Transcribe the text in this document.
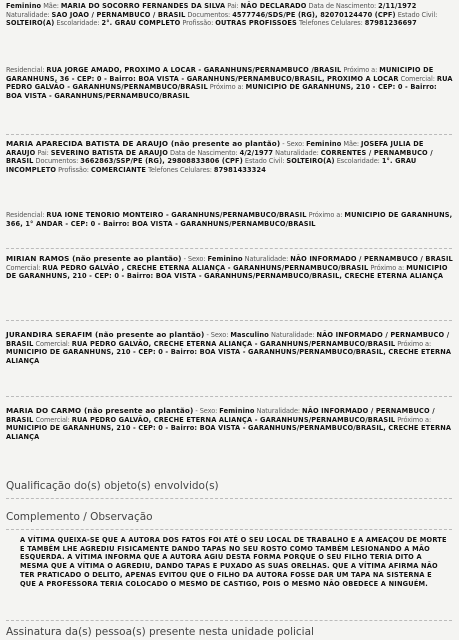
Feminino Mãe: MARIA DO SOCORRO FERNANDES DA SILVA Pai: NÃO DECLARADO Data de Nascimento: 2/11/1972 Naturalidade: SAO JOAO / PERNAMBUCO / BRASIL Documentos: 4577746/SDS/PE (RG), 82070124470 (CPF) Estado Civil: SOLTEIRO(A) Escolaridade: 2°. GRAU COMPLETO Profissão: OUTRAS PROFISSOES Telefones Celulares: 87981236697
Residencial: RUA JORGE AMADO, PROXIMO A LOCAR - GARANHUNS/PERNAMBUCO /BRASIL Próximo a: MUNICIPIO DE GARANHUNS, 36 - CEP: 0 - Bairro: BOA VISTA - GARANHUNS/PERNAMBUCO/BRASIL, PROXIMO A LOCAR Comercial: RUA PEDRO GALVÃO - GARANHUNS/PERNAMBUCO/BRASIL Próximo a: MUNICIPIO DE GARANHUNS, 210 - CEP: 0 - Bairro: BOA VISTA - GARANHUNS/PERNAMBUCO/BRASIL
MARIA APARECIDA BATISTA DE ARAUJO (não presente ao plantão) - Sexo: Feminino Mãe: JOSEFA JULIA DE ARAUJO Pai: SEVERINO BATISTA DE ARAUJO Data de Nascimento: 4/2/1977 Naturalidade: CORRENTES / PERNAMBUCO / BRASIL Documentos: 3662863/SSP/PE (RG), 29808833806 (CPF) Estado Civil: SOLTEIRO(A) Escolaridade: 1°. GRAU INCOMPLETO Profissão: COMERCIANTE Telefones Celulares: 87981433324
Residencial: RUA IONE TENORIO MONTEIRO - GARANHUNS/PERNAMBUCO/BRASIL Próximo a: MUNICIPIO DE GARANHUNS, 366, 1° ANDAR - CEP: 0 - Bairro: BOA VISTA - GARANHUNS/PERNAMBUCO/BRASIL
MIRIAN RAMOS (não presente ao plantão) - Sexo: Feminino Naturalidade: NÃO INFORMADO / PERNAMBUCO / BRASIL Comercial: RUA PEDRO GALVÃO , CRECHE ETERNA ALIANÇA - GARANHUNS/PERNAMBUCO/BRASIL Próximo a: MUNICIPIO DE GARANHUNS, 210 - CEP: 0 - Bairro: BOA VISTA - GARANHUNS/PERNAMBUCO/BRASIL, CRECHE ETERNA ALIANÇA
JURANDIRA SERAFIM (não presente ao plantão) - Sexo: Masculino Naturalidade: NÃO INFORMADO / PERNAMBUCO / BRASIL Comercial: RUA PEDRO GALVÃO, CRECHE ETERNA ALIANÇA - GARANHUNS/PERNAMBUCO/BRASIL Próximo a: MUNICIPIO DE GARANHUNS, 210 - CEP: 0 - Bairro: BOA VISTA - GARANHUNS/PERNAMBUCO/BRASIL, CRECHE ETERNA ALIANÇA
MARIA DO CARMO (não presente ao plantão) - Sexo: Feminino Naturalidade: NÃO INFORMADO / PERNAMBUCO / BRASIL Comercial: RUA PEDRO GALVÃO, CRECHE ETERNA ALIANÇA - GARANHUNS/PERNAMBUCO/BRASIL Próximo a: MUNICIPIO DE GARANHUNS, 210 - CEP: 0 - Bairro: BOA VISTA - GARANHUNS/PERNAMBUCO/BRASIL, CRECHE ETERNA ALIANÇA
Qualificação do(s) objeto(s) envolvido(s)
Complemento / Observação
A VÍTIMA QUEIXA-SE QUE A AUTORA DOS FATOS FOI ATÉ O SEU LOCAL DE TRABALHO E A AMEAÇOU DE MORTE E TAMBÉM LHE AGREDIU FISICAMENTE DANDO TAPAS NO SEU ROSTO COMO TAMBÉM LESIONANDO A MÃO ESQUERDA. A VÍTIMA INFORMA QUE A AUTORA AGIU DESTA FORMA PORQUE O SEU FILHO TERIA DITO A MESMA QUE A VÍTIMA O AGREDIU, DANDO TAPAS E PUXADO AS SUAS ORELHAS. QUE A VÍTIMA AFIRMA NÃO TER PRATICADO O DELITO, APENAS EVITOU QUE O FILHO DA AUTORA FOSSE DAR UM TAPA NA SISTERNA E QUE A PROFESSORA TERIA COLOCADO O MESMO DE CASTIGO, POIS O MESMO NÃO OBEDECE A NINGUÉM.
Assinatura da(s) pessoa(s) presente nesta unidade policial
